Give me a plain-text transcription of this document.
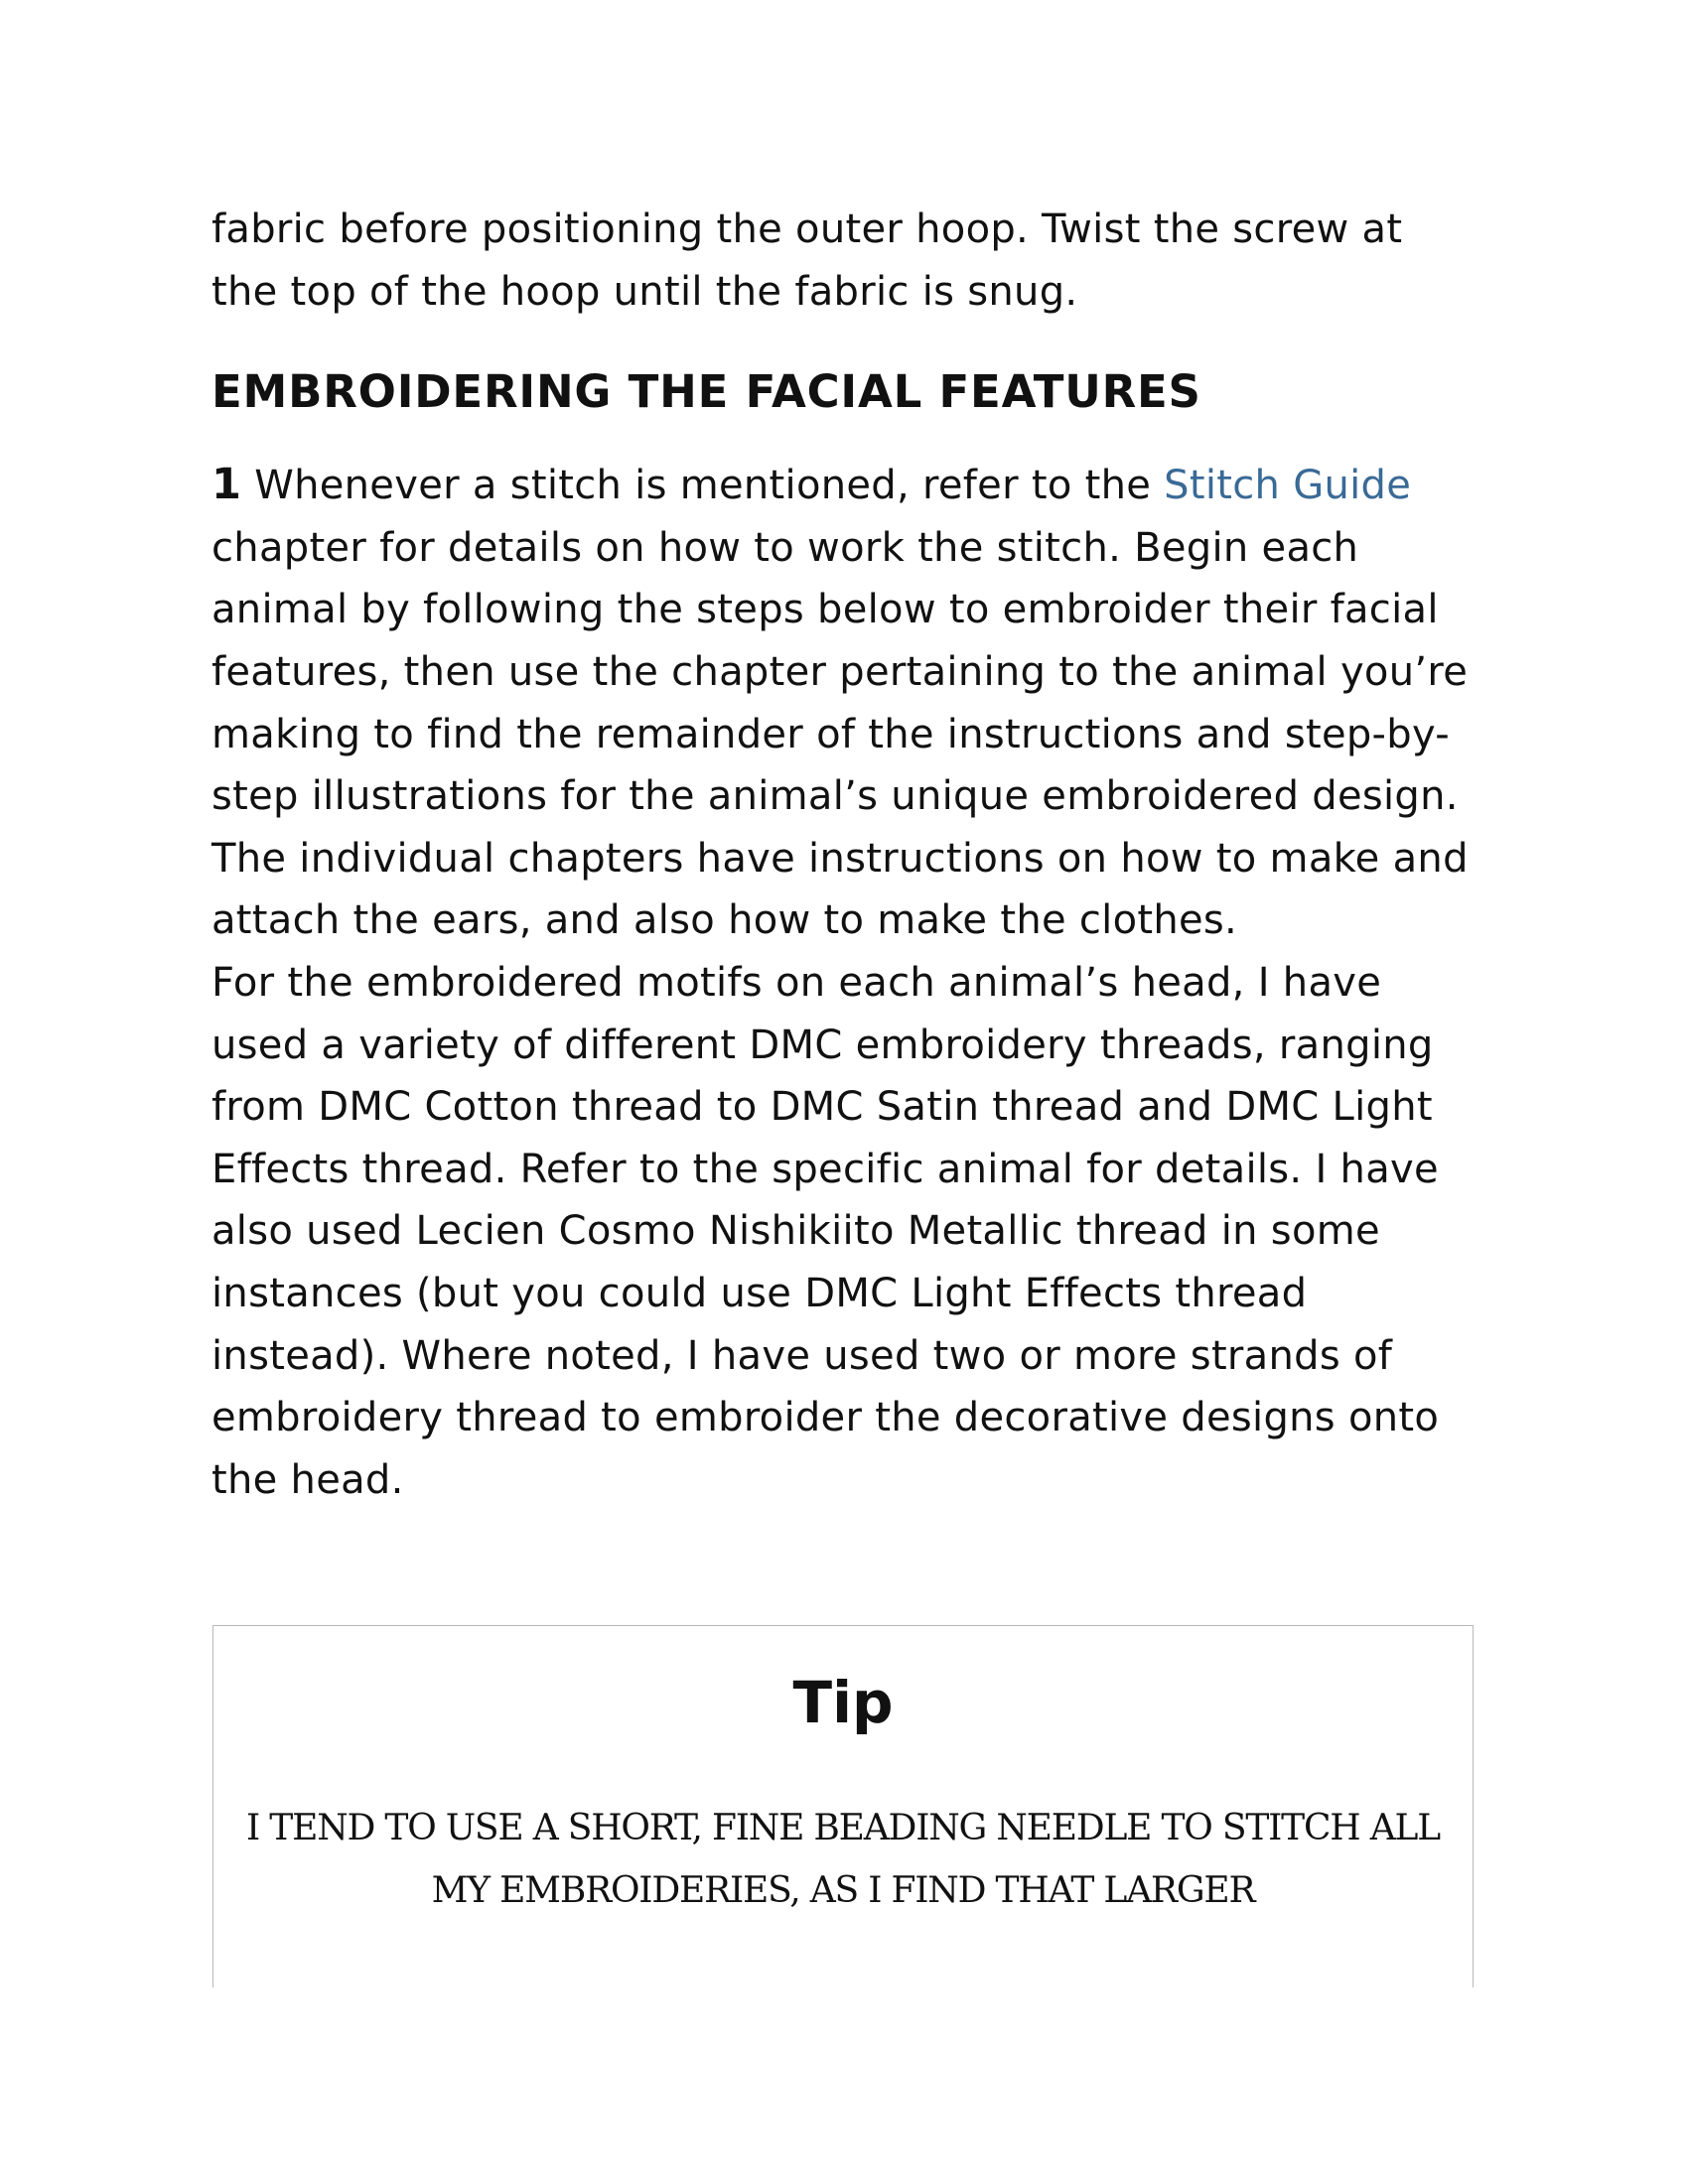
fabric before positioning the outer hoop. Twist the screw at the top of the hoop until the fabric is snug.

EMBROIDERING THE FACIAL FEATURES

1 Whenever a stitch is mentioned, refer to the Stitch Guide chapter for details on how to work the stitch. Begin each animal by following the steps below to embroider their facial features, then use the chapter pertaining to the animal you’re making to find the remainder of the instructions and step-by-step illustrations for the animal’s unique embroidered design. The individual chapters have instructions on how to make and attach the ears, and also how to make the clothes.

For the embroidered motifs on each animal’s head, I have used a variety of different DMC embroidery threads, ranging from DMC Cotton thread to DMC Satin thread and DMC Light Effects thread. Refer to the specific animal for details. I have also used Lecien Cosmo Nishikiito Metallic thread in some instances (but you could use DMC Light Effects thread instead). Where noted, I have used two or more strands of embroidery thread to embroider the decorative designs onto the head.

Tip

I TEND TO USE A SHORT, FINE BEADING NEEDLE TO STITCH ALL MY EMBROIDERIES, AS I FIND THAT LARGER
